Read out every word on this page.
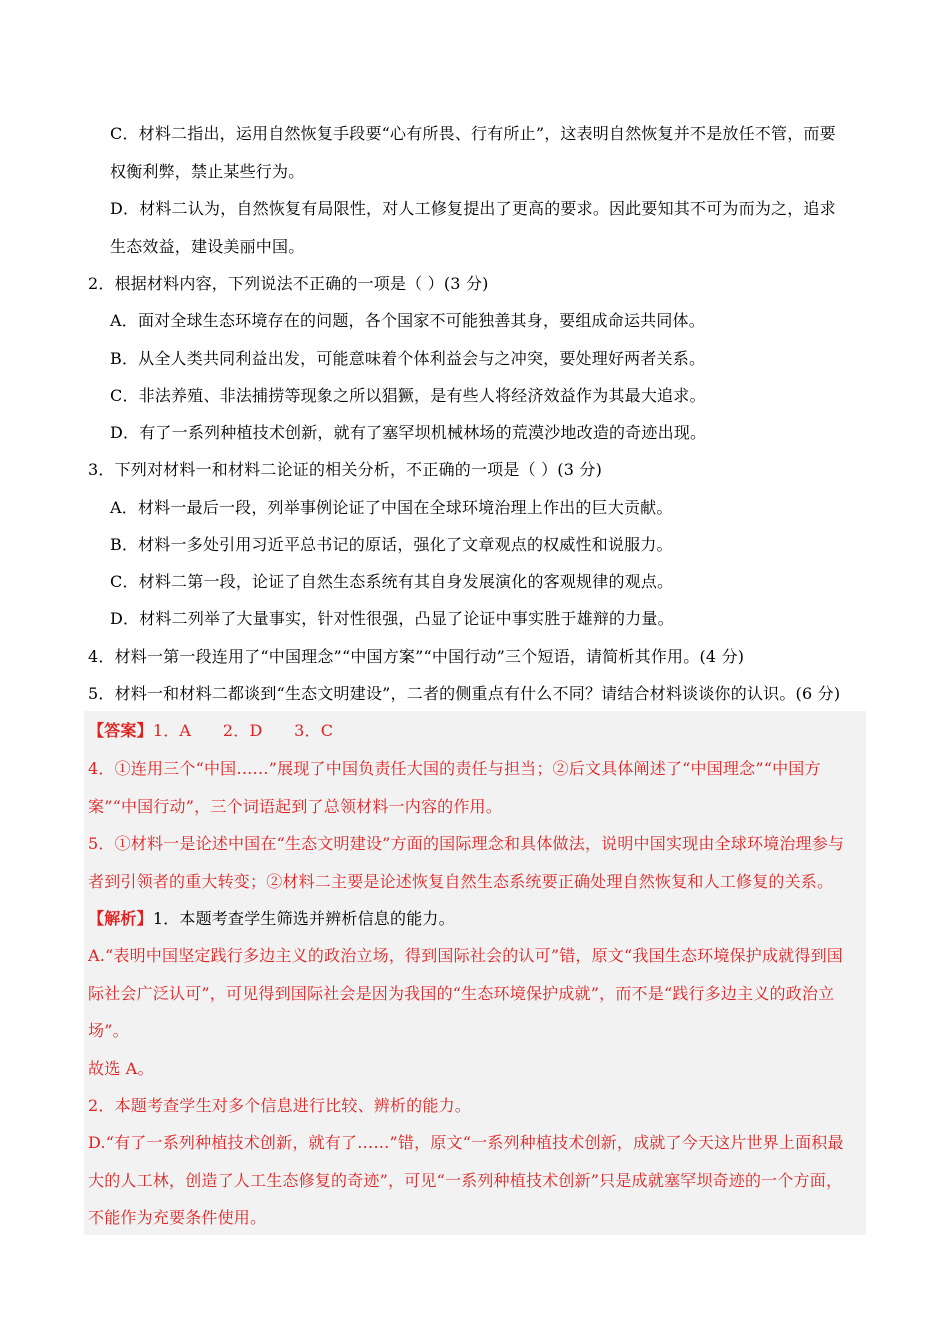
C．材料二指出，运用自然恢复手段要“心有所畏、行有所止”，这表明自然恢复并不是放任不管，而要
权衡利弊，禁止某些行为。
D．材料二认为，自然恢复有局限性，对人工修复提出了更高的要求。因此要知其不可为而为之，追求
生态效益，建设美丽中国。
2．根据材料内容，下列说法不正确的一项是（ ）(3 分)
A．面对全球生态环境存在的问题，各个国家不可能独善其身，要组成命运共同体。
B．从全人类共同利益出发，可能意味着个体利益会与之冲突，要处理好两者关系。
C．非法养殖、非法捕捞等现象之所以猖獗，是有些人将经济效益作为其最大追求。
D．有了一系列种植技术创新，就有了塞罕坝机械林场的荒漠沙地改造的奇迹出现。
3．下列对材料一和材料二论证的相关分析，不正确的一项是（ ）(3 分)
A．材料一最后一段，列举事例论证了中国在全球环境治理上作出的巨大贡献。
B．材料一多处引用习近平总书记的原话，强化了文章观点的权威性和说服力。
C．材料二第一段，论证了自然生态系统有其自身发展演化的客观规律的观点。
D．材料二列举了大量事实，针对性很强，凸显了论证中事实胜于雄辩的力量。
4．材料一第一段连用了“中国理念”“中国方案”“中国行动”三个短语，请简析其作用。(4 分)
5．材料一和材料二都谈到“生态文明建设”，二者的侧重点有什么不同？请结合材料谈谈你的认识。(6 分)
【答案】1．A      2．D      3．C
4．①连用三个“中国……”展现了中国负责任大国的责任与担当；②后文具体阐述了“中国理念”“中国方
案”“中国行动”，三个词语起到了总领材料一内容的作用。
5．①材料一是论述中国在“生态文明建设”方面的国际理念和具体做法，说明中国实现由全球环境治理参与
者到引领者的重大转变；②材料二主要是论述恢复自然生态系统要正确处理自然恢复和人工修复的关系。
【解析】1．本题考查学生筛选并辨析信息的能力。
A.“表明中国坚定践行多边主义的政治立场，得到国际社会的认可”错，原文“我国生态环境保护成就得到国
际社会广泛认可”，可见得到国际社会是因为我国的“生态环境保护成就”，而不是“践行多边主义的政治立
场”。
故选 A。
2．本题考查学生对多个信息进行比较、辨析的能力。
D.“有了一系列种植技术创新，就有了……”错，原文“一系列种植技术创新，成就了今天这片世界上面积最
大的人工林，创造了人工生态修复的奇迹”，可见“一系列种植技术创新”只是成就塞罕坝奇迹的一个方面，
不能作为充要条件使用。
